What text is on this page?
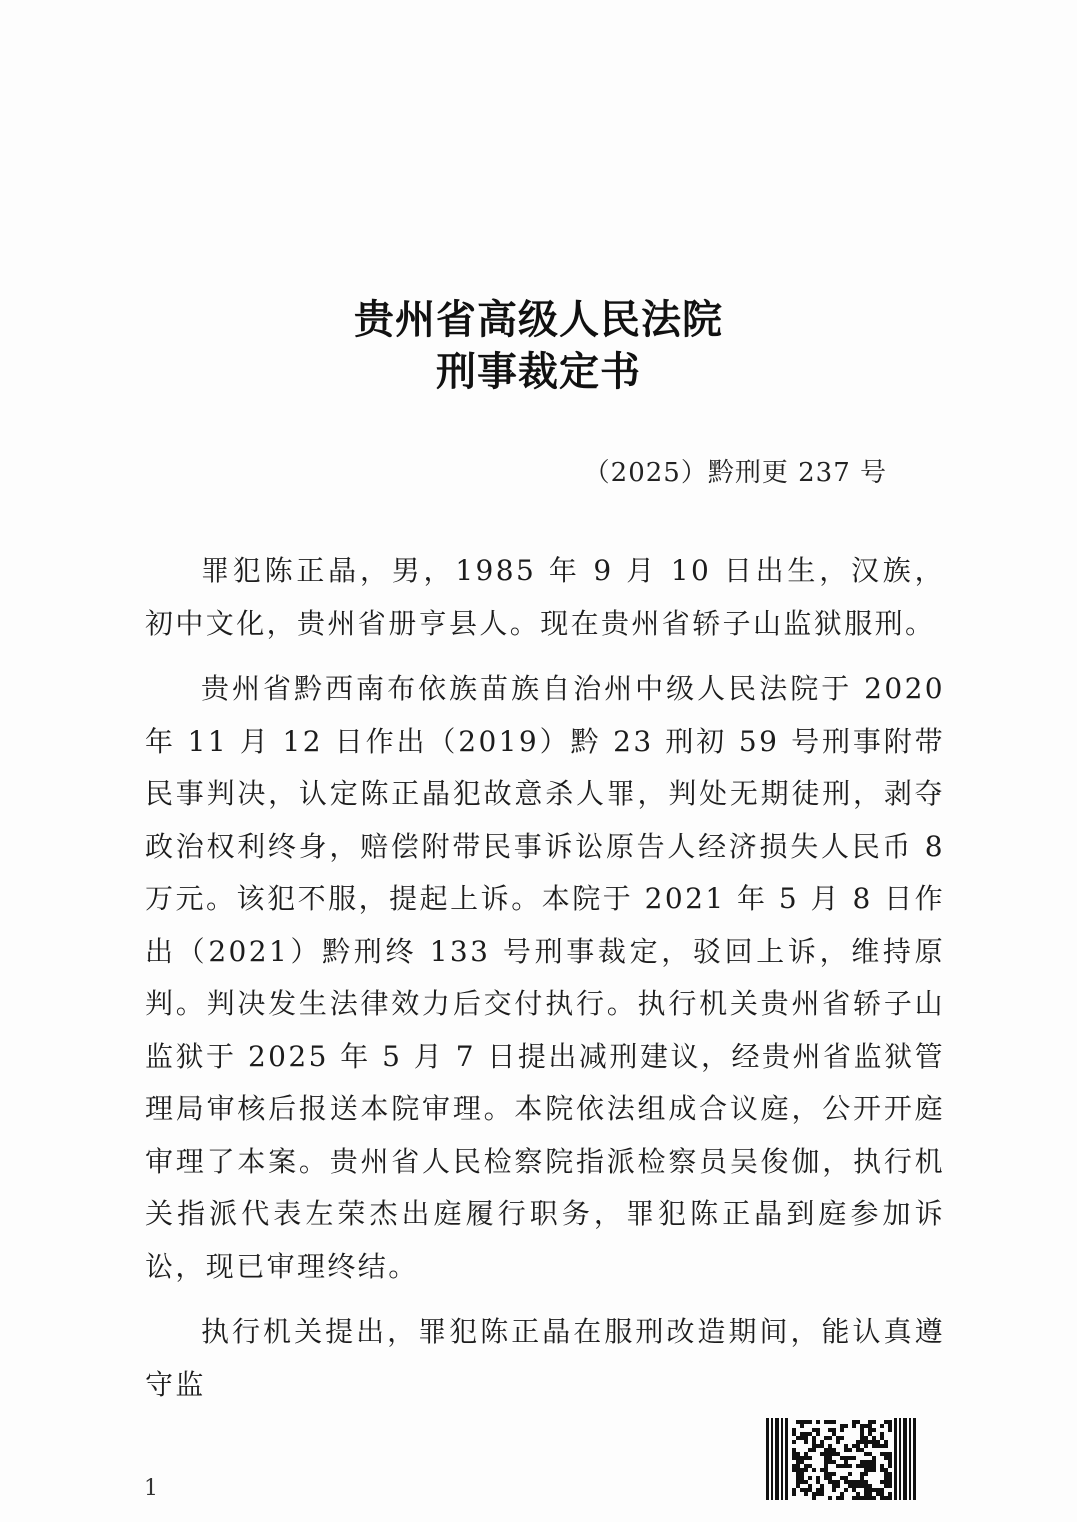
贵州省高级人民法院
刑事裁定书
（2025）黔刑更 237 号

罪犯陈正晶，男，1985 年 9 月 10 日出生，汉族，初中文化，贵州省册亨县人。现在贵州省轿子山监狱服刑。

贵州省黔西南布依族苗族自治州中级人民法院于 2020 年 11 月 12 日作出（2019）黔 23 刑初 59 号刑事附带民事判决，认定陈正晶犯故意杀人罪，判处无期徒刑，剥夺政治权利终身，赔偿附带民事诉讼原告人经济损失人民币 8 万元。该犯不服，提起上诉。本院于 2021 年 5 月 8 日作出（2021）黔刑终 133 号刑事裁定，驳回上诉，维持原判。判决发生法律效力后交付执行。执行机关贵州省轿子山监狱于 2025 年 5 月 7 日提出减刑建议，经贵州省监狱管理局审核后报送本院审理。本院依法组成合议庭，公开开庭审理了本案。贵州省人民检察院指派检察员吴俊伽，执行机关指派代表左荣杰出庭履行职务，罪犯陈正晶到庭参加诉讼，现已审理终结。

执行机关提出，罪犯陈正晶在服刑改造期间，能认真遵守监

1
